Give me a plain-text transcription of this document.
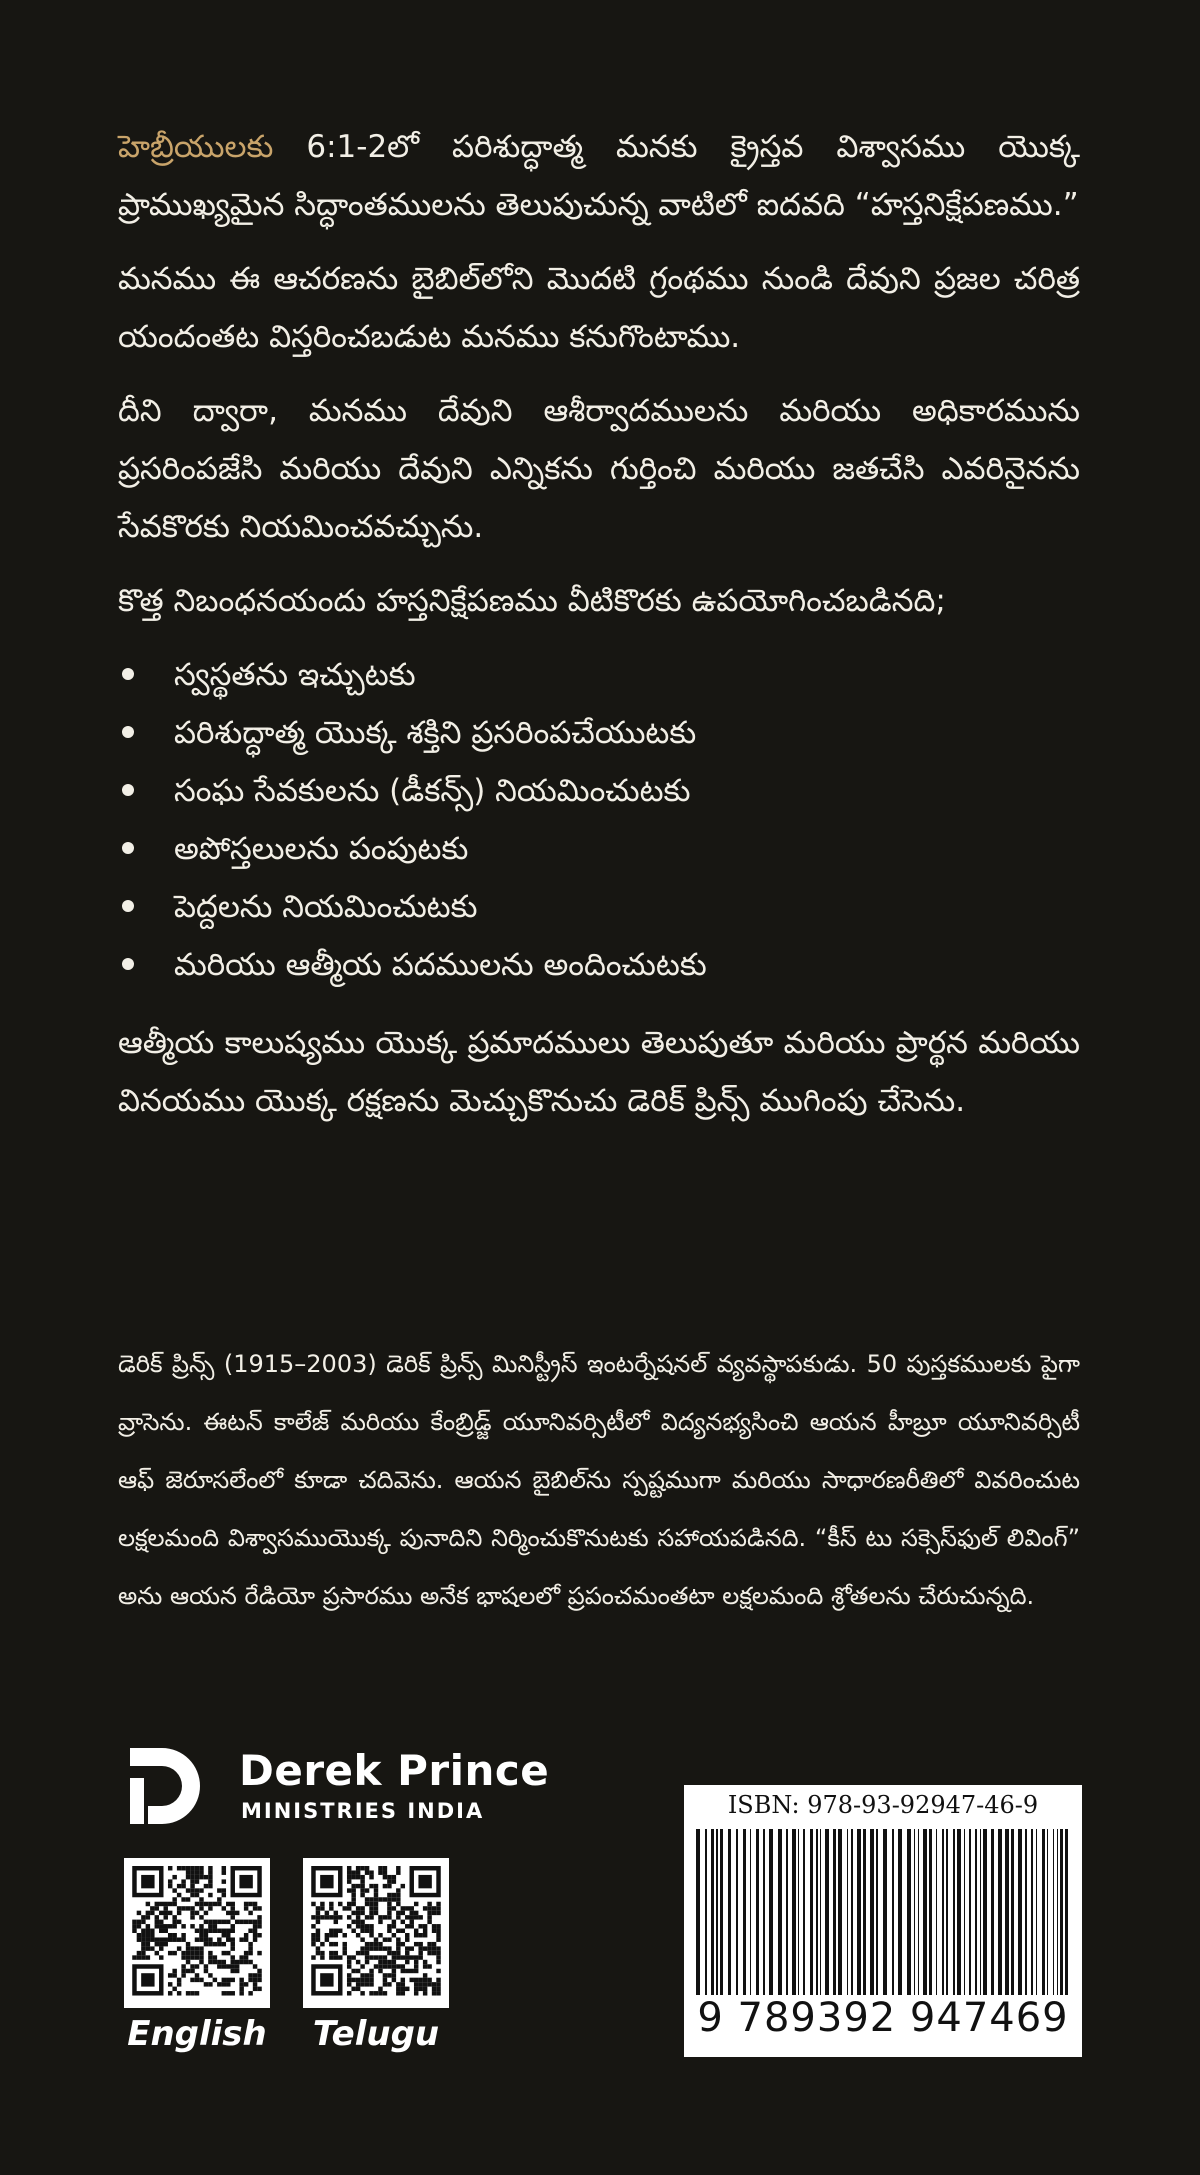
హెబ్రీయులకు 6:1-2లో పరిశుద్ధాత్మ మనకు క్రైస్తవ విశ్వాసము యొక్క ప్రాముఖ్యమైన సిద్ధాంతములను తెలుపుచున్న వాటిలో ఐదవది “హస్తనిక్షేపణము.”

మనము ఈ ఆచరణను బైబిల్‌లోని మొదటి గ్రంథము నుండి దేవుని ప్రజల చరిత్ర యందంతట విస్తరించబడుట మనము కనుగొంటాము.

దీని ద్వారా, మనము దేవుని ఆశీర్వాదములను మరియు అధికారమును ప్రసరింపజేసి మరియు దేవుని ఎన్నికను గుర్తించి మరియు జతచేసి ఎవరినైనను సేవకొరకు నియమించవచ్చును.

కొత్త నిబంధనయందు హస్తనిక్షేపణము వీటికొరకు ఉపయోగించబడినది;

స్వస్థతను ఇచ్చుటకు
పరిశుద్ధాత్మ యొక్క శక్తిని ప్రసరింపచేయుటకు
సంఘ సేవకులను (డీకన్స్) నియమించుటకు
అపోస్తలులను పంపుటకు
పెద్దలను నియమించుటకు
మరియు ఆత్మీయ పదములను అందించుటకు

ఆత్మీయ కాలుష్యము యొక్క ప్రమాదములు తెలుపుతూ మరియు ప్రార్థన మరియు వినయము యొక్క రక్షణను మెచ్చుకొనుచు డెరిక్ ప్రిన్స్ ముగింపు చేసెను.

డెరిక్ ప్రిన్స్ (1915–2003) డెరిక్ ప్రిన్స్ మినిస్ట్రీస్ ఇంటర్నేషనల్ వ్యవస్థాపకుడు. 50 పుస్తకములకు పైగా వ్రాసెను. ఈటన్ కాలేజ్ మరియు కేంబ్రిడ్జ్ యూనివర్సిటీలో విద్యనభ్యసించి ఆయన హీబ్రూ యూనివర్సిటీ ఆఫ్ జెరూసలేంలో కూడా చదివెను. ఆయన బైబిల్‌ను స్పష్టముగా మరియు సాధారణరీతిలో వివరించుట లక్షలమంది విశ్వాసముయొక్క పునాదిని నిర్మించుకొనుటకు సహాయపడినది. “కీస్ టు సక్సెస్‌ఫుల్ లివింగ్” అను ఆయన రేడియో ప్రసారము అనేక భాషలలో ప్రపంచమంతటా లక్షలమంది శ్రోతలను చేరుచున్నది.

Derek Prince
MINISTRIES INDIA
English Telugu
ISBN: 978-93-92947-46-9
9 789392 947469
